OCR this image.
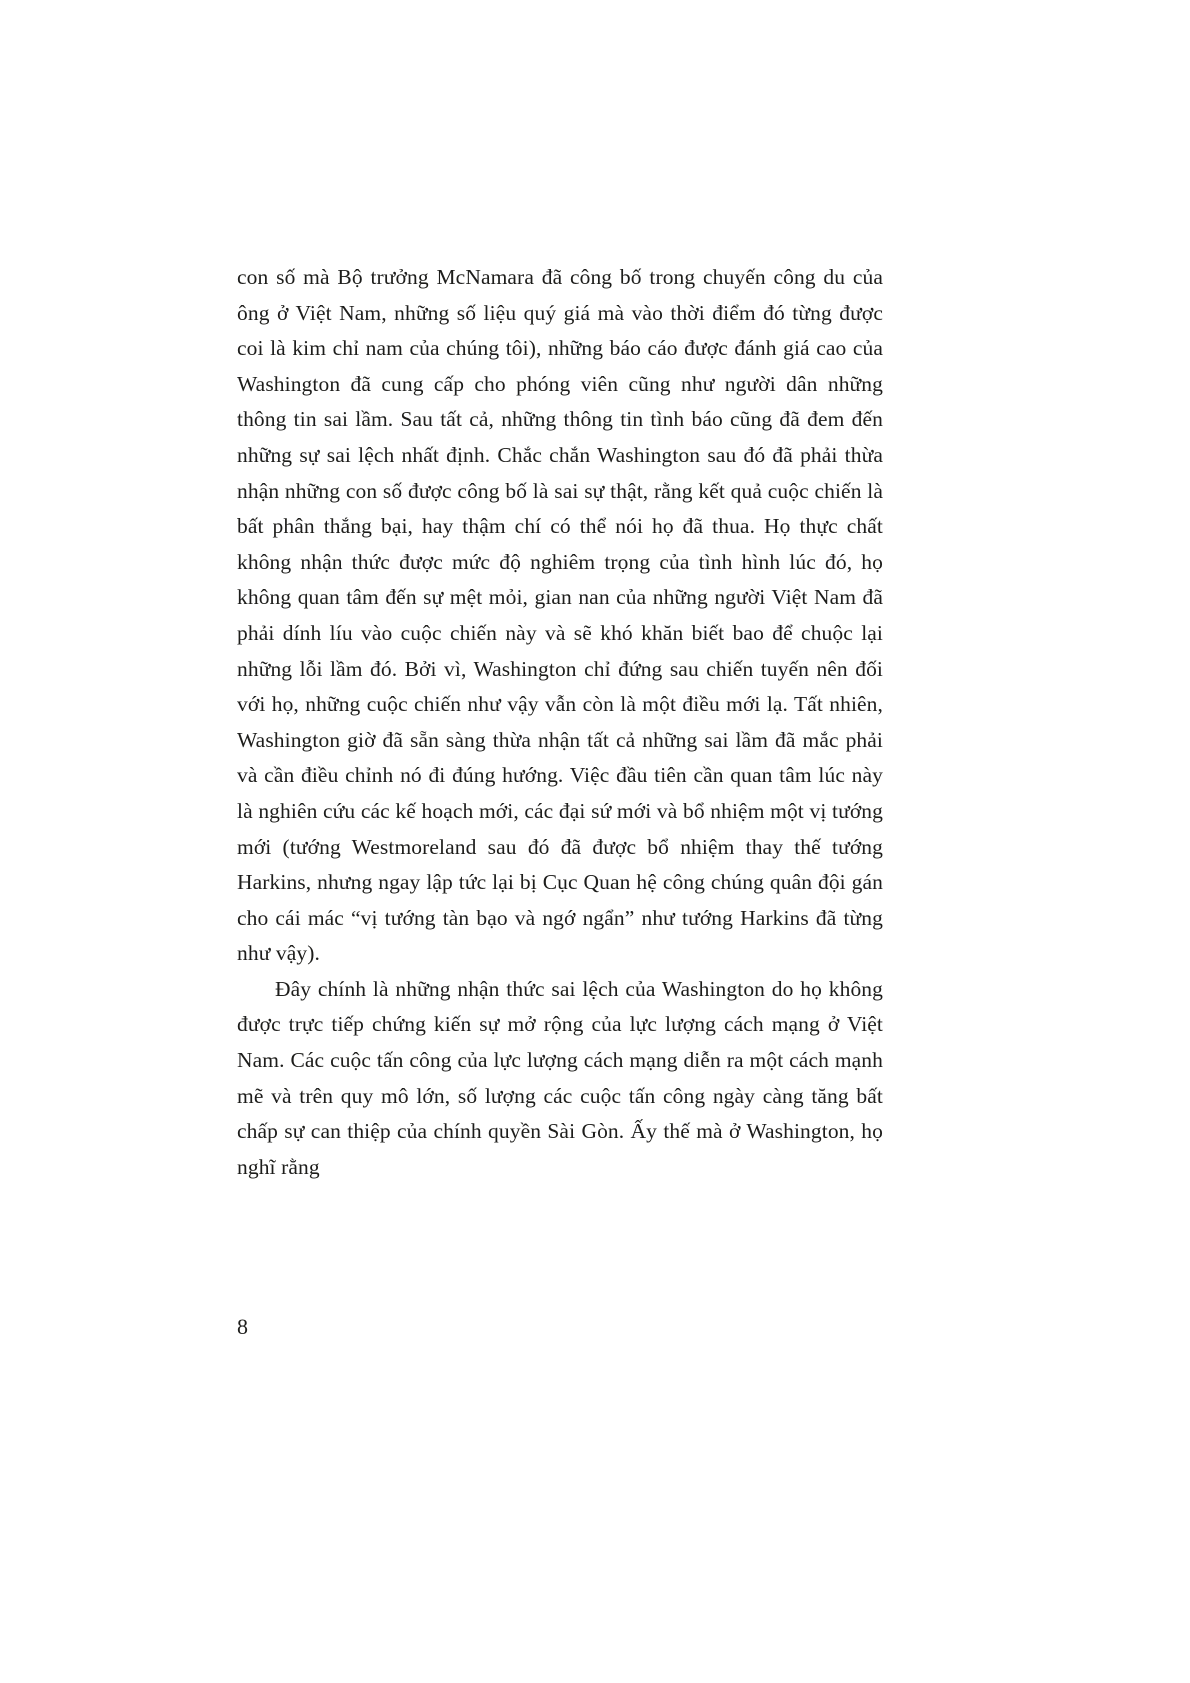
con số mà Bộ trưởng McNamara đã công bố trong chuyến công du của ông ở Việt Nam, những số liệu quý giá mà vào thời điểm đó từng được coi là kim chỉ nam của chúng tôi), những báo cáo được đánh giá cao của Washington đã cung cấp cho phóng viên cũng như người dân những thông tin sai lầm. Sau tất cả, những thông tin tình báo cũng đã đem đến những sự sai lệch nhất định. Chắc chắn Washington sau đó đã phải thừa nhận những con số được công bố là sai sự thật, rằng kết quả cuộc chiến là bất phân thắng bại, hay thậm chí có thể nói họ đã thua. Họ thực chất không nhận thức được mức độ nghiêm trọng của tình hình lúc đó, họ không quan tâm đến sự mệt mỏi, gian nan của những người Việt Nam đã phải dính líu vào cuộc chiến này và sẽ khó khăn biết bao để chuộc lại những lỗi lầm đó. Bởi vì, Washington chỉ đứng sau chiến tuyến nên đối với họ, những cuộc chiến như vậy vẫn còn là một điều mới lạ. Tất nhiên, Washington giờ đã sẵn sàng thừa nhận tất cả những sai lầm đã mắc phải và cần điều chỉnh nó đi đúng hướng. Việc đầu tiên cần quan tâm lúc này là nghiên cứu các kế hoạch mới, các đại sứ mới và bổ nhiệm một vị tướng mới (tướng Westmoreland sau đó đã được bổ nhiệm thay thế tướng Harkins, nhưng ngay lập tức lại bị Cục Quan hệ công chúng quân đội gán cho cái mác “vị tướng tàn bạo và ngớ ngẩn” như tướng Harkins đã từng như vậy).

Đây chính là những nhận thức sai lệch của Washington do họ không được trực tiếp chứng kiến sự mở rộng của lực lượng cách mạng ở Việt Nam. Các cuộc tấn công của lực lượng cách mạng diễn ra một cách mạnh mẽ và trên quy mô lớn, số lượng các cuộc tấn công ngày càng tăng bất chấp sự can thiệp của chính quyền Sài Gòn. Ấy thế mà ở Washington, họ nghĩ rằng

8
